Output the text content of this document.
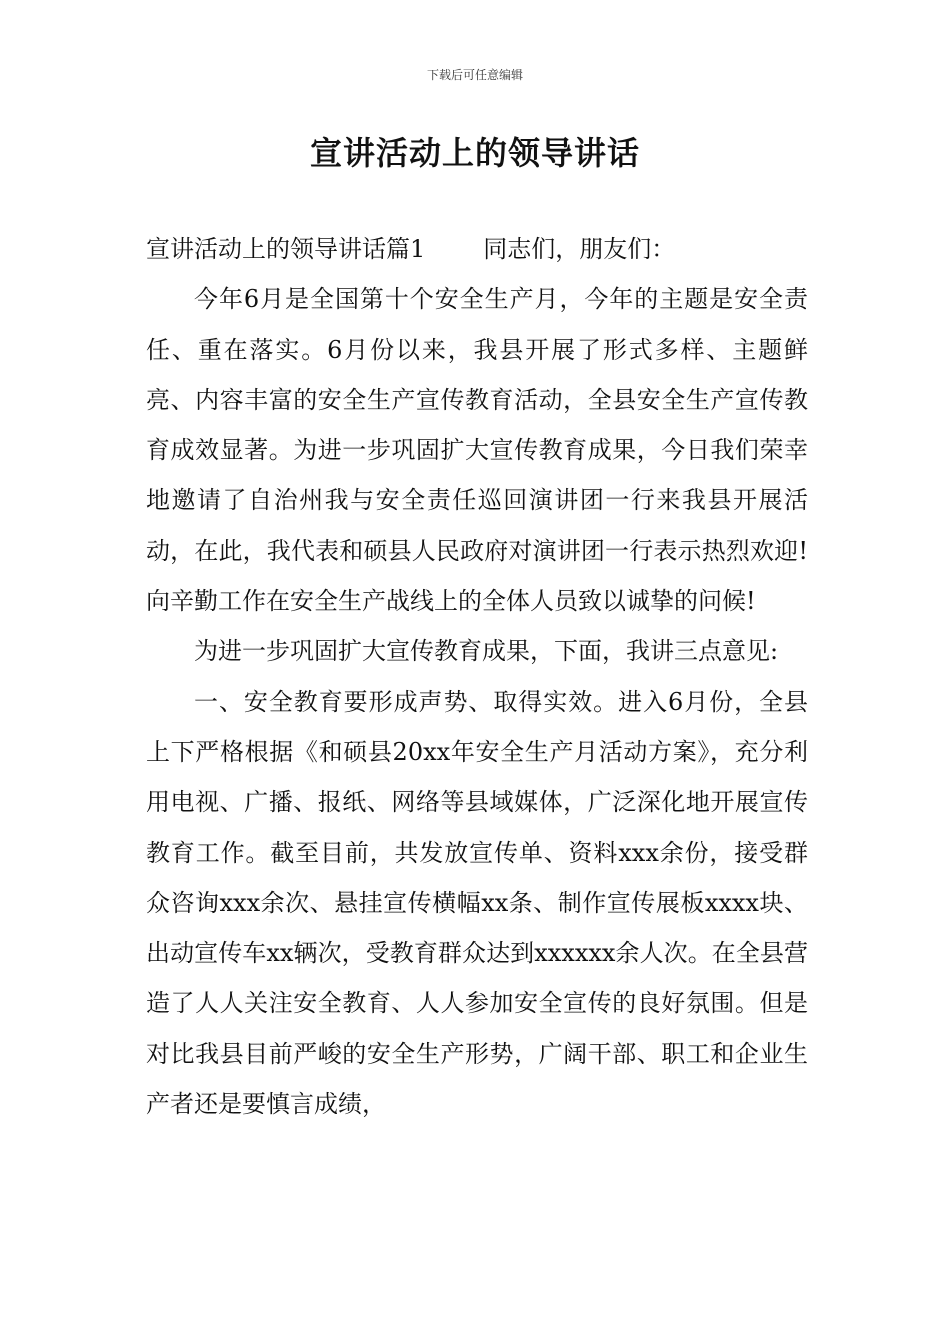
下载后可任意编辑
宣讲活动上的领导讲话

宣讲活动上的领导讲话篇1 同志们，朋友们：

今年6月是全国第十个安全生产月，今年的主题是安全责任、重在落实。6月份以来，我县开展了形式多样、主题鲜亮、内容丰富的安全生产宣传教育活动，全县安全生产宣传教育成效显著。为进一步巩固扩大宣传教育成果，今日我们荣幸地邀请了自治州我与安全责任巡回演讲团一行来我县开展活动，在此，我代表和硕县人民政府对演讲团一行表示热烈欢迎!向辛勤工作在安全生产战线上的全体人员致以诚挚的问候!

为进一步巩固扩大宣传教育成果，下面，我讲三点意见:

一、安全教育要形成声势、取得实效。进入6月份，全县上下严格根据《和硕县20xx年安全生产月活动方案》，充分利用电视、广播、报纸、网络等县域媒体，广泛深化地开展宣传教育工作。截至目前，共发放宣传单、资料xxx余份，接受群众咨询xxx余次、悬挂宣传横幅xx条、制作宣传展板xxxx块、出动宣传车xx辆次，受教育群众达到xxxxxx余人次。在全县营造了人人关注安全教育、人人参加安全宣传的良好氛围。但是对比我县目前严峻的安全生产形势，广阔干部、职工和企业生产者还是要慎言成绩，
